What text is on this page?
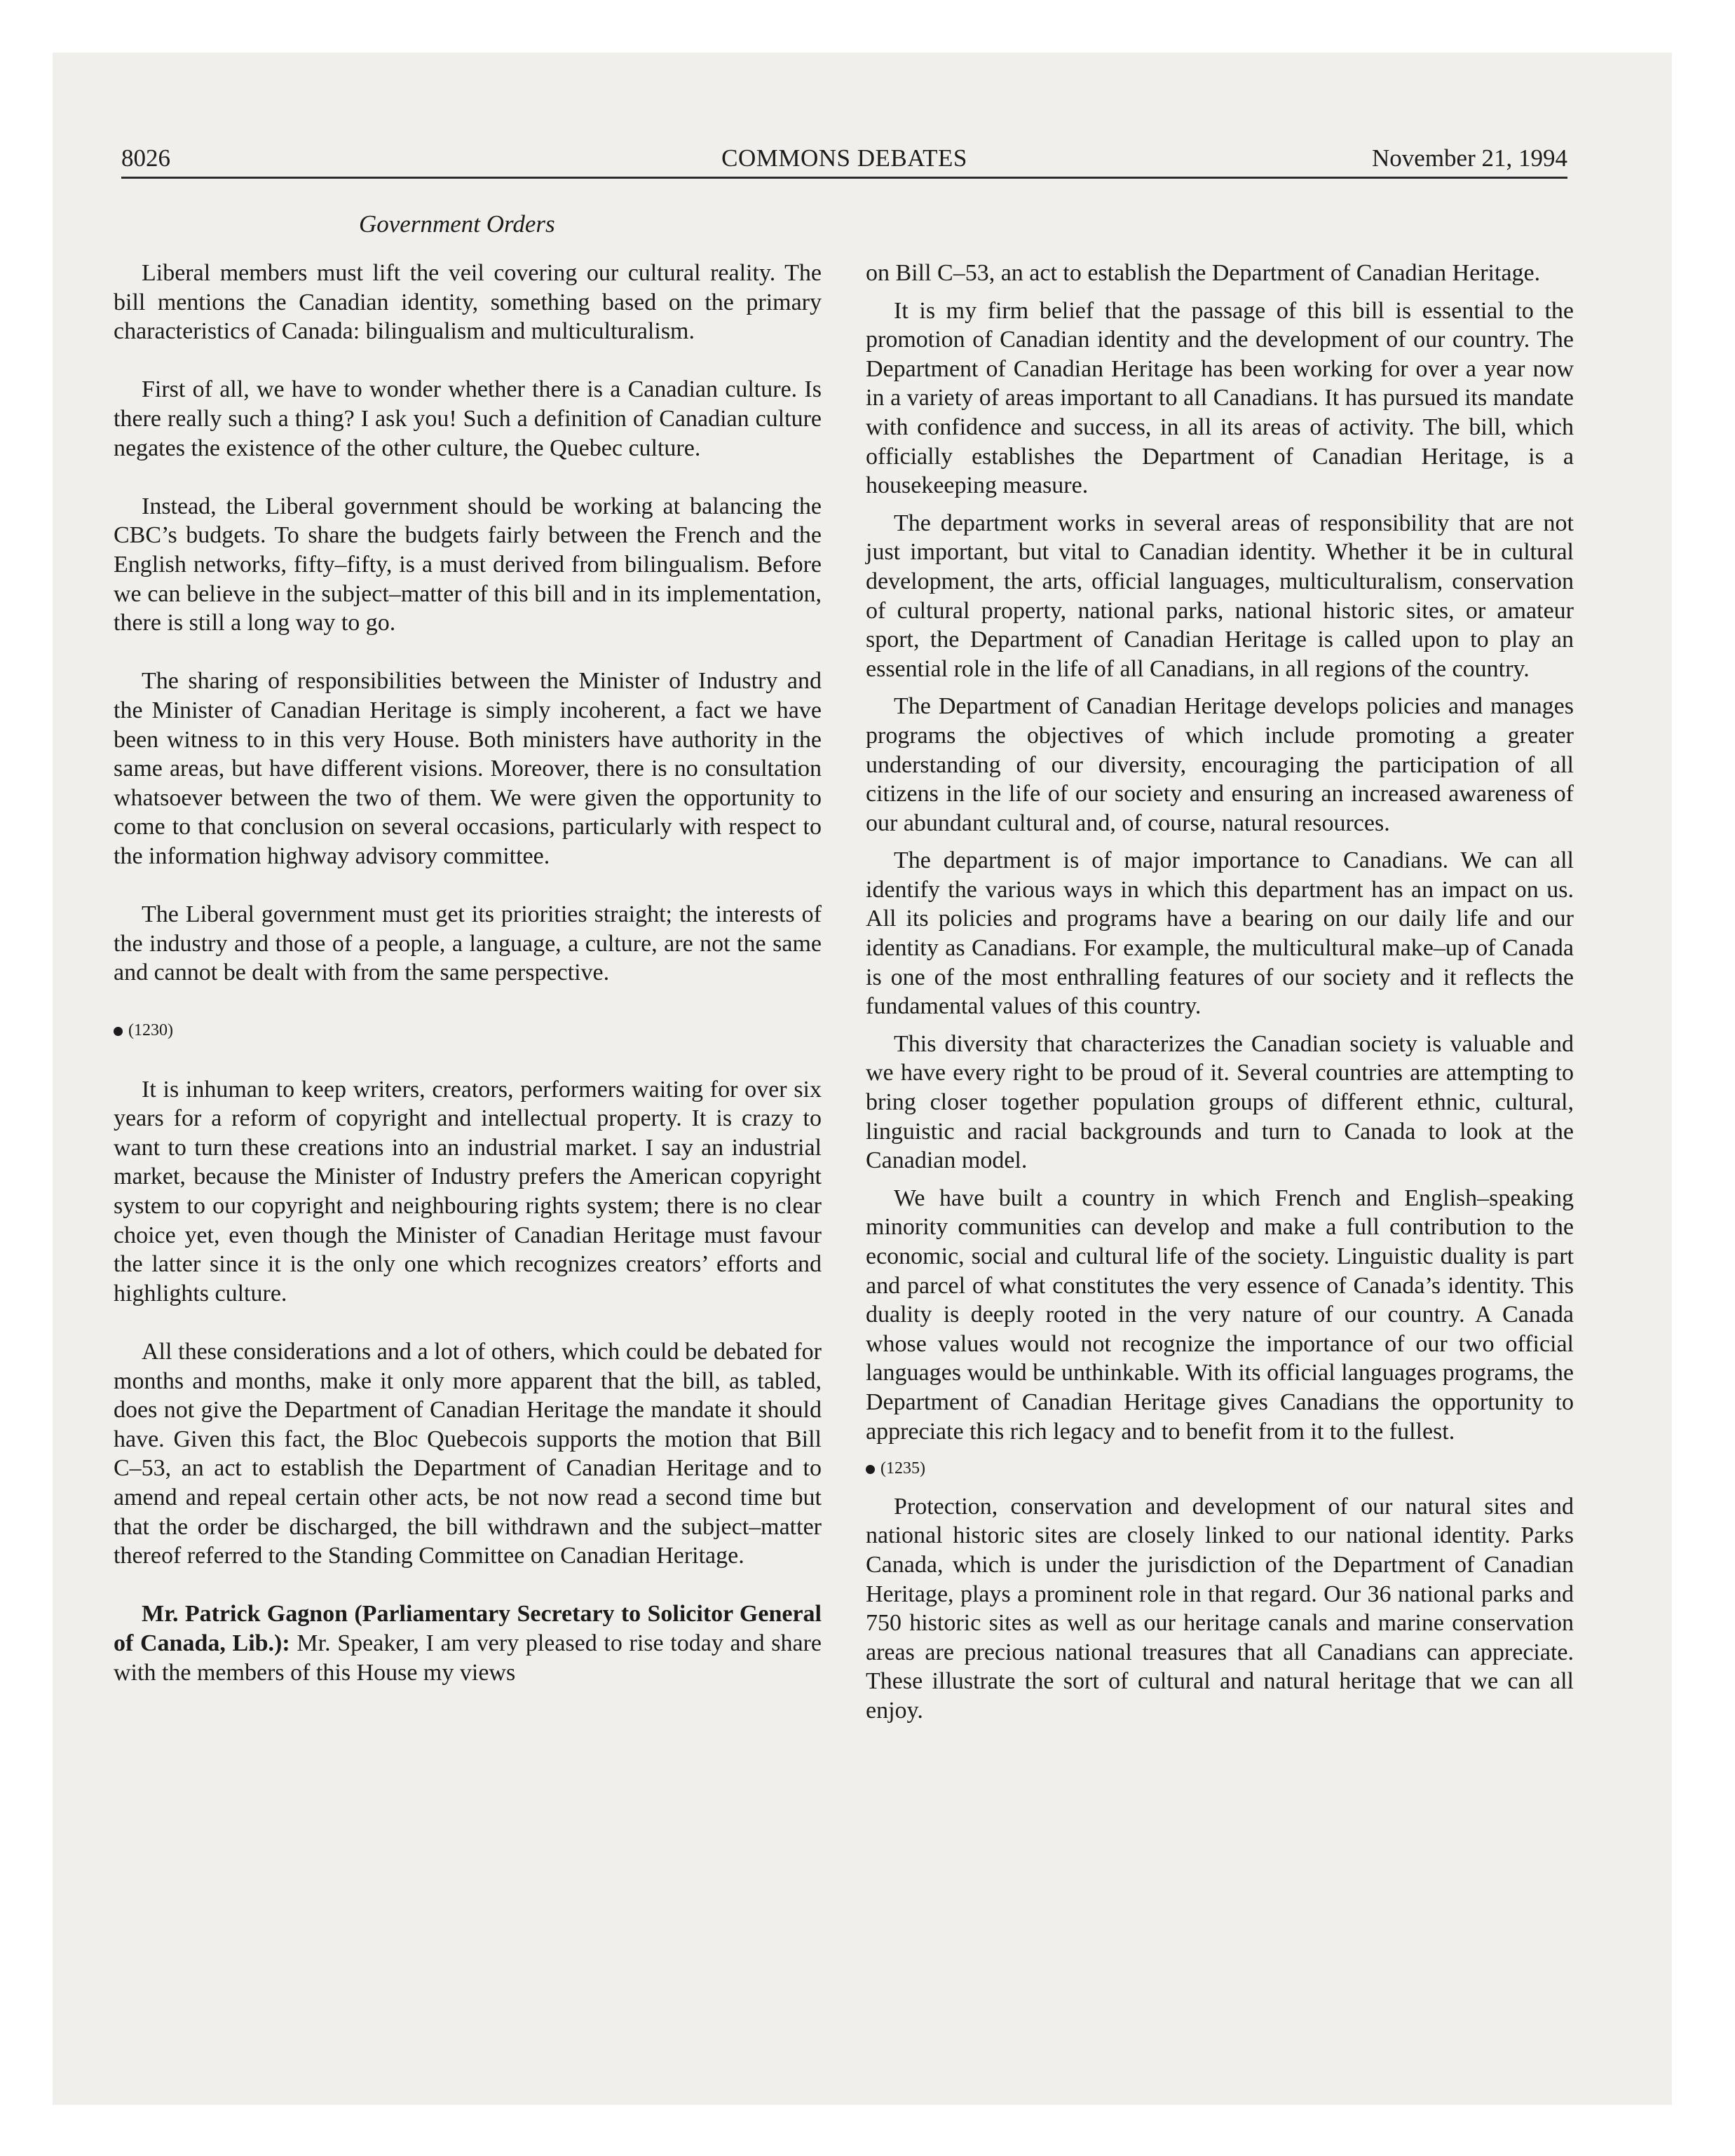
8026	COMMONS DEBATES	November 21, 1994
Government Orders

Liberal members must lift the veil covering our cultural reality. The bill mentions the Canadian identity, something based on the primary characteristics of Canada: bilingualism and multiculturalism.

First of all, we have to wonder whether there is a Canadian culture. Is there really such a thing? I ask you! Such a definition of Canadian culture negates the existence of the other culture, the Quebec culture.

Instead, the Liberal government should be working at balancing the CBC’s budgets. To share the budgets fairly between the French and the English networks, fifty–fifty, is a must derived from bilingualism. Before we can believe in the subject–matter of this bill and in its implementation, there is still a long way to go.

The sharing of responsibilities between the Minister of Industry and the Minister of Canadian Heritage is simply incoherent, a fact we have been witness to in this very House. Both ministers have authority in the same areas, but have different visions. Moreover, there is no consultation whatsoever between the two of them. We were given the opportunity to come to that conclusion on several occasions, particularly with respect to the information highway advisory committee.

The Liberal government must get its priorities straight; the interests of the industry and those of a people, a language, a culture, are not the same and cannot be dealt with from the same perspective.

(1230)

It is inhuman to keep writers, creators, performers waiting for over six years for a reform of copyright and intellectual property. It is crazy to want to turn these creations into an industrial market. I say an industrial market, because the Minister of Industry prefers the American copyright system to our copyright and neighbouring rights system; there is no clear choice yet, even though the Minister of Canadian Heritage must favour the latter since it is the only one which recognizes creators’ efforts and highlights culture.

All these considerations and a lot of others, which could be debated for months and months, make it only more apparent that the bill, as tabled, does not give the Department of Canadian Heritage the mandate it should have. Given this fact, the Bloc Quebecois supports the motion that Bill C–53, an act to establish the Department of Canadian Heritage and to amend and repeal certain other acts, be not now read a second time but that the order be discharged, the bill withdrawn and the subject–matter thereof referred to the Standing Committee on Canadian Heritage.

Mr. Patrick Gagnon (Parliamentary Secretary to Solicitor General of Canada, Lib.): Mr. Speaker, I am very pleased to rise today and share with the members of this House my views

on Bill C–53, an act to establish the Department of Canadian Heritage.

It is my firm belief that the passage of this bill is essential to the promotion of Canadian identity and the development of our country. The Department of Canadian Heritage has been working for over a year now in a variety of areas important to all Canadians. It has pursued its mandate with confidence and success, in all its areas of activity. The bill, which officially establishes the Department of Canadian Heritage, is a housekeeping measure.

The department works in several areas of responsibility that are not just important, but vital to Canadian identity. Whether it be in cultural development, the arts, official languages, multiculturalism, conservation of cultural property, national parks, national historic sites, or amateur sport, the Department of Canadian Heritage is called upon to play an essential role in the life of all Canadians, in all regions of the country.

The Department of Canadian Heritage develops policies and manages programs the objectives of which include promoting a greater understanding of our diversity, encouraging the participation of all citizens in the life of our society and ensuring an increased awareness of our abundant cultural and, of course, natural resources.

The department is of major importance to Canadians. We can all identify the various ways in which this department has an impact on us. All its policies and programs have a bearing on our daily life and our identity as Canadians. For example, the multicultural make–up of Canada is one of the most enthralling features of our society and it reflects the fundamental values of this country.

This diversity that characterizes the Canadian society is valuable and we have every right to be proud of it. Several countries are attempting to bring closer together population groups of different ethnic, cultural, linguistic and racial backgrounds and turn to Canada to look at the Canadian model.

We have built a country in which French and English–speaking minority communities can develop and make a full contribution to the economic, social and cultural life of the society. Linguistic duality is part and parcel of what constitutes the very essence of Canada’s identity. This duality is deeply rooted in the very nature of our country. A Canada whose values would not recognize the importance of our two official languages would be unthinkable. With its official languages programs, the Department of Canadian Heritage gives Canadians the opportunity to appreciate this rich legacy and to benefit from it to the fullest.

(1235)

Protection, conservation and development of our natural sites and national historic sites are closely linked to our national identity. Parks Canada, which is under the jurisdiction of the Department of Canadian Heritage, plays a prominent role in that regard. Our 36 national parks and 750 historic sites as well as our heritage canals and marine conservation areas are precious national treasures that all Canadians can appreciate. These illustrate the sort of cultural and natural heritage that we can all enjoy.
